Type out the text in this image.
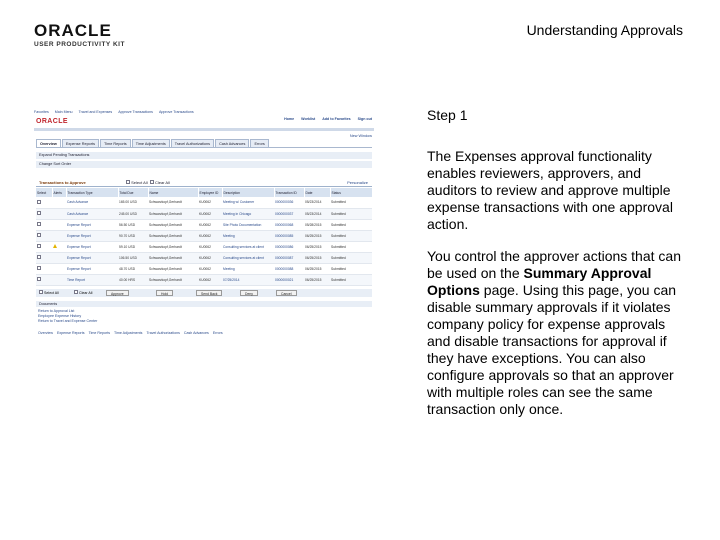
ORACLE
USER PRODUCTIVITY KIT
Understanding Approvals
Favorites Main Menu Travel and Expenses Approve Transactions Approve Transactions
Home Worklist Add to Favorites Sign out
ORACLE
New Window
Overview	Expense Reports	Time Reports	Time Adjustments	Travel Authorizations	Cash Advances	Errors
Expand Pending Transactions
Change Sort Order
Transactions to Approve	Select All Clear All	Personalize
Select	Alerts	Transaction Type	Total Due	Name	Employee ID	Description	Transaction ID	Date	Status
		Cash Advance	165.00 USD	Schwarzkopf,Gerhardt	KU0062	Meeting w/ Customer	0000000036	05/23/2014	Submitted
		Cash Advance	245.00 USD	Schwarzkopf,Gerhardt	KU0062	Meeting in Chicago	0000000037	05/23/2014	Submitted
		Expense Report	56.50 USD	Schwarzkopf,Gerhardt	KU0062	Site Photo Documentation	0000000068	05/28/2015	Submitted
		Expense Report	90.70 USD	Schwarzkopf,Gerhardt	KU0062	Meeting	0000000085	06/25/2015	Submitted
		Expense Report	59.10 USD	Schwarzkopf,Gerhardt	KU0062	Consulting services at client	0000000086	06/25/2015	Submitted
		Expense Report	106.50 USD	Schwarzkopf,Gerhardt	KU0062	Consulting services at client	0000000087	06/25/2015	Submitted
		Expense Report	48.70 USD	Schwarzkopf,Gerhardt	KU0062	Meeting	0000000088	06/25/2015	Submitted
		Time Report	40.00 HRS	Schwarzkopf,Gerhardt	KU0062	07/25/2014	0000000021	06/25/2015	Submitted
Select All	Clear All	Approve	Hold	Send Back	Deny	Cancel
Documents
Return to Approval List
Employee Expense History
Return to Travel and Expense Center
Overview Expense Reports Time Reports Time Adjustments Travel Authorizations Cash Advances Errors
Step 1

The Expenses approval functionality enables reviewers, approvers, and auditors to review and approve multiple expense transactions with one approval action.

You control the approver actions that can be used on the Summary Approval Options page. Using this page, you can disable summary approvals if it violates company policy for expense approvals and disable transactions for approval if they have exceptions. You can also configure approvals so that an approver with multiple roles can see the same transaction only once.
